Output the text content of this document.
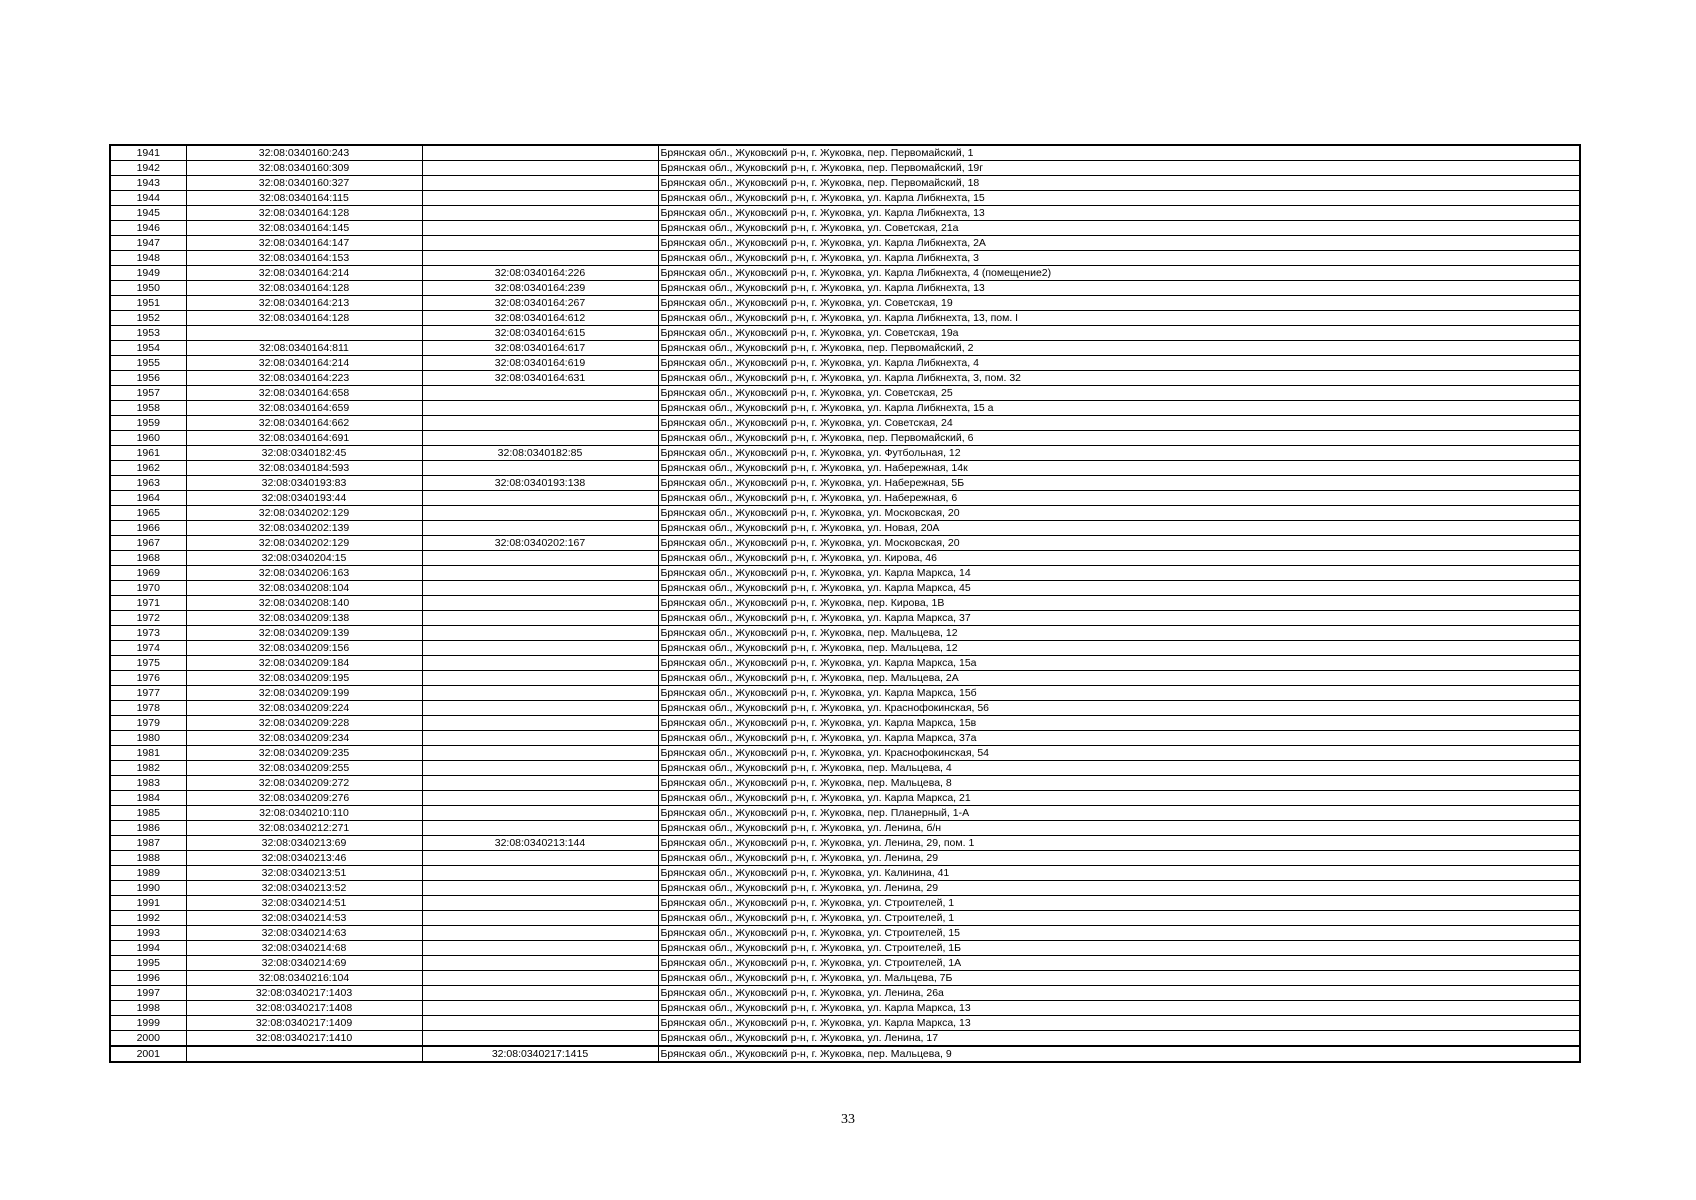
1941	32:08:0340160:243		Брянская обл., Жуковский р-н, г. Жуковка, пер. Первомайский, 1
1942	32:08:0340160:309		Брянская обл., Жуковский р-н, г. Жуковка, пер. Первомайский, 19г
1943	32:08:0340160:327		Брянская обл., Жуковский р-н, г. Жуковка, пер. Первомайский, 18
1944	32:08:0340164:115		Брянская обл., Жуковский р-н, г. Жуковка, ул. Карла Либкнехта, 15
1945	32:08:0340164:128		Брянская обл., Жуковский р-н, г. Жуковка, ул. Карла Либкнехта, 13
1946	32:08:0340164:145		Брянская обл., Жуковский р-н, г. Жуковка, ул. Советская, 21а
1947	32:08:0340164:147		Брянская обл., Жуковский р-н, г. Жуковка, ул. Карла Либкнехта, 2А
1948	32:08:0340164:153		Брянская обл., Жуковский р-н, г. Жуковка, ул. Карла Либкнехта, 3
1949	32:08:0340164:214	32:08:0340164:226	Брянская обл., Жуковский р-н, г. Жуковка, ул. Карла Либкнехта, 4 (помещение2)
1950	32:08:0340164:128	32:08:0340164:239	Брянская обл., Жуковский р-н, г. Жуковка, ул. Карла Либкнехта, 13
1951	32:08:0340164:213	32:08:0340164:267	Брянская обл., Жуковский р-н, г. Жуковка, ул. Советская, 19
1952	32:08:0340164:128	32:08:0340164:612	Брянская обл., Жуковский р-н, г. Жуковка, ул. Карла Либкнехта, 13, пом. I
1953		32:08:0340164:615	Брянская обл., Жуковский р-н, г. Жуковка, ул. Советская, 19а
1954	32:08:0340164:811	32:08:0340164:617	Брянская обл., Жуковский р-н, г. Жуковка, пер. Первомайский, 2
1955	32:08:0340164:214	32:08:0340164:619	Брянская обл., Жуковский р-н, г. Жуковка, ул. Карла Либкнехта, 4
1956	32:08:0340164:223	32:08:0340164:631	Брянская обл., Жуковский р-н, г. Жуковка, ул. Карла Либкнехта, 3, пом. 32
1957	32:08:0340164:658		Брянская обл., Жуковский р-н, г. Жуковка, ул. Советская, 25
1958	32:08:0340164:659		Брянская обл., Жуковский р-н, г. Жуковка, ул. Карла Либкнехта, 15 а
1959	32:08:0340164:662		Брянская обл., Жуковский р-н, г. Жуковка, ул. Советская, 24
1960	32:08:0340164:691		Брянская обл., Жуковский р-н, г. Жуковка, пер. Первомайский, 6
1961	32:08:0340182:45	32:08:0340182:85	Брянская обл., Жуковский р-н, г. Жуковка, ул. Футбольная, 12
1962	32:08:0340184:593		Брянская обл., Жуковский р-н, г. Жуковка, ул. Набережная, 14к
1963	32:08:0340193:83	32:08:0340193:138	Брянская обл., Жуковский р-н, г. Жуковка, ул. Набережная, 5Б
1964	32:08:0340193:44		Брянская обл., Жуковский р-н, г. Жуковка, ул. Набережная, 6
1965	32:08:0340202:129		Брянская обл., Жуковский р-н, г. Жуковка, ул. Московская, 20
1966	32:08:0340202:139		Брянская обл., Жуковский р-н, г. Жуковка, ул. Новая, 20А
1967	32:08:0340202:129	32:08:0340202:167	Брянская обл., Жуковский р-н, г. Жуковка, ул. Московская, 20
1968	32:08:0340204:15		Брянская обл., Жуковский р-н, г. Жуковка, ул. Кирова, 46
1969	32:08:0340206:163		Брянская обл., Жуковский р-н, г. Жуковка, ул. Карла Маркса, 14
1970	32:08:0340208:104		Брянская обл., Жуковский р-н, г. Жуковка, ул. Карла Маркса, 45
1971	32:08:0340208:140		Брянская обл., Жуковский р-н, г. Жуковка, пер. Кирова, 1В
1972	32:08:0340209:138		Брянская обл., Жуковский р-н, г. Жуковка, ул. Карла Маркса, 37
1973	32:08:0340209:139		Брянская обл., Жуковский р-н, г. Жуковка, пер. Мальцева, 12
1974	32:08:0340209:156		Брянская обл., Жуковский р-н, г. Жуковка, пер. Мальцева, 12
1975	32:08:0340209:184		Брянская обл., Жуковский р-н, г. Жуковка, ул. Карла Маркса, 15а
1976	32:08:0340209:195		Брянская обл., Жуковский р-н, г. Жуковка, пер. Мальцева, 2А
1977	32:08:0340209:199		Брянская обл., Жуковский р-н, г. Жуковка, ул. Карла Маркса, 15б
1978	32:08:0340209:224		Брянская обл., Жуковский р-н, г. Жуковка, ул. Краснофокинская, 56
1979	32:08:0340209:228		Брянская обл., Жуковский р-н, г. Жуковка, ул. Карла Маркса, 15в
1980	32:08:0340209:234		Брянская обл., Жуковский р-н, г. Жуковка, ул. Карла Маркса, 37а
1981	32:08:0340209:235		Брянская обл., Жуковский р-н, г. Жуковка, ул. Краснофокинская, 54
1982	32:08:0340209:255		Брянская обл., Жуковский р-н, г. Жуковка, пер. Мальцева, 4
1983	32:08:0340209:272		Брянская обл., Жуковский р-н, г. Жуковка, пер. Мальцева, 8
1984	32:08:0340209:276		Брянская обл., Жуковский р-н, г. Жуковка, ул. Карла Маркса, 21
1985	32:08:0340210:110		Брянская обл., Жуковский р-н, г. Жуковка, пер. Планерный, 1-А
1986	32:08:0340212:271		Брянская обл., Жуковский р-н, г. Жуковка, ул. Ленина, б/н
1987	32:08:0340213:69	32:08:0340213:144	Брянская обл., Жуковский р-н, г. Жуковка, ул. Ленина, 29, пом. 1
1988	32:08:0340213:46		Брянская обл., Жуковский р-н, г. Жуковка, ул. Ленина, 29
1989	32:08:0340213:51		Брянская обл., Жуковский р-н, г. Жуковка, ул. Калинина, 41
1990	32:08:0340213:52		Брянская обл., Жуковский р-н, г. Жуковка, ул. Ленина, 29
1991	32:08:0340214:51		Брянская обл., Жуковский р-н, г. Жуковка, ул. Строителей, 1
1992	32:08:0340214:53		Брянская обл., Жуковский р-н, г. Жуковка, ул. Строителей, 1
1993	32:08:0340214:63		Брянская обл., Жуковский р-н, г. Жуковка, ул. Строителей, 15
1994	32:08:0340214:68		Брянская обл., Жуковский р-н, г. Жуковка, ул. Строителей, 1Б
1995	32:08:0340214:69		Брянская обл., Жуковский р-н, г. Жуковка, ул. Строителей, 1А
1996	32:08:0340216:104		Брянская обл., Жуковский р-н, г. Жуковка, ул. Мальцева, 7Б
1997	32:08:0340217:1403		Брянская обл., Жуковский р-н, г. Жуковка, ул. Ленина, 26а
1998	32:08:0340217:1408		Брянская обл., Жуковский р-н, г. Жуковка, ул. Карла Маркса, 13
1999	32:08:0340217:1409		Брянская обл., Жуковский р-н, г. Жуковка, ул. Карла Маркса, 13
2000	32:08:0340217:1410		Брянская обл., Жуковский р-н, г. Жуковка, ул. Ленина, 17
2001		32:08:0340217:1415	Брянская обл., Жуковский р-н, г. Жуковка, пер. Мальцева, 9
33
